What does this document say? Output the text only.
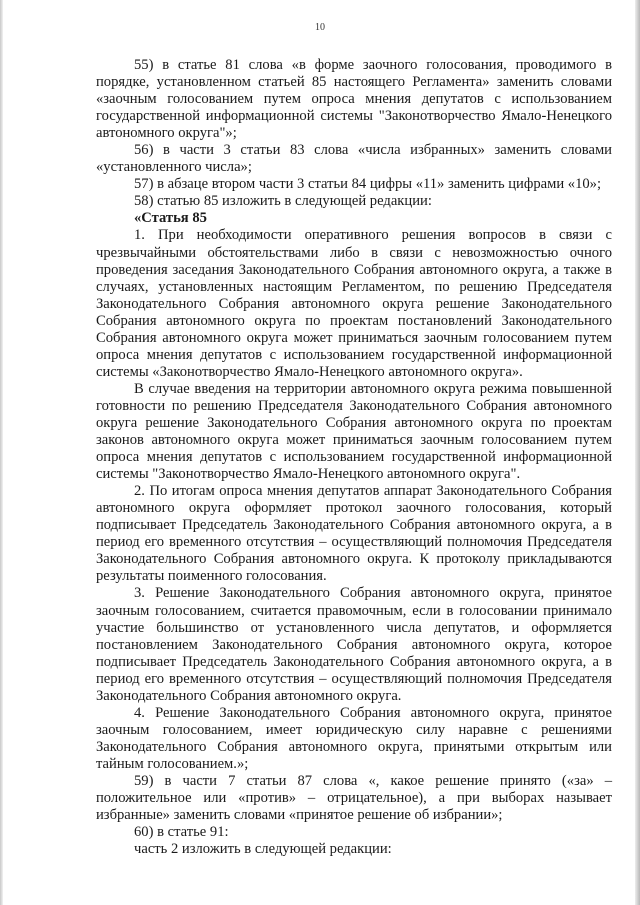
10

55) в статье 81 слова «в форме заочного голосования, проводимого в порядке, установленном статьей 85 настоящего Регламента» заменить словами «заочным голосованием путем опроса мнения депутатов с использованием государственной информационной системы "Законотворчество Ямало-Ненецкого автономного округа"»;

56) в части 3 статьи 83 слова «числа избранных» заменить словами «установленного числа»;

57) в абзаце втором части 3 статьи 84 цифры «11» заменить цифрами «10»;

58) статью 85 изложить в следующей редакции:

«Статья 85

1. При необходимости оперативного решения вопросов в связи с чрезвычайными обстоятельствами либо в связи с невозможностью очного проведения заседания Законодательного Собрания автономного округа, а также в случаях, установленных настоящим Регламентом, по решению Председателя Законодательного Собрания автономного округа решение Законодательного Собрания автономного округа по проектам постановлений Законодательного Собрания автономного округа может приниматься заочным голосованием путем опроса мнения депутатов с использованием государственной информационной системы «Законотворчество Ямало-Ненецкого автономного округа».

В случае введения на территории автономного округа режима повышенной готовности по решению Председателя Законодательного Собрания автономного округа решение Законодательного Собрания автономного округа по проектам законов автономного округа может приниматься заочным голосованием путем опроса мнения депутатов с использованием государственной информационной системы "Законотворчество Ямало-Ненецкого автономного округа".

2. По итогам опроса мнения депутатов аппарат Законодательного Собрания автономного округа оформляет протокол заочного голосования, который подписывает Председатель Законодательного Собрания автономного округа, а в период его временного отсутствия – осуществляющий полномочия Председателя Законодательного Собрания автономного округа. К протоколу прикладываются результаты поименного голосования.

3. Решение Законодательного Собрания автономного округа, принятое заочным голосованием, считается правомочным, если в голосовании принимало участие большинство от установленного числа депутатов, и оформляется постановлением Законодательного Собрания автономного округа, которое подписывает Председатель Законодательного Собрания автономного округа, а в период его временного отсутствия – осуществляющий полномочия Председателя Законодательного Собрания автономного округа.

4. Решение Законодательного Собрания автономного округа, принятое заочным голосованием, имеет юридическую силу наравне с решениями Законодательного Собрания автономного округа, принятыми открытым или тайным голосованием.»;

59) в части 7 статьи 87 слова «, какое решение принято («за» – положительное или «против» – отрицательное), а при выборах называет избранные» заменить словами «принятое решение об избрании»;

60) в статье 91:

часть 2 изложить в следующей редакции:
